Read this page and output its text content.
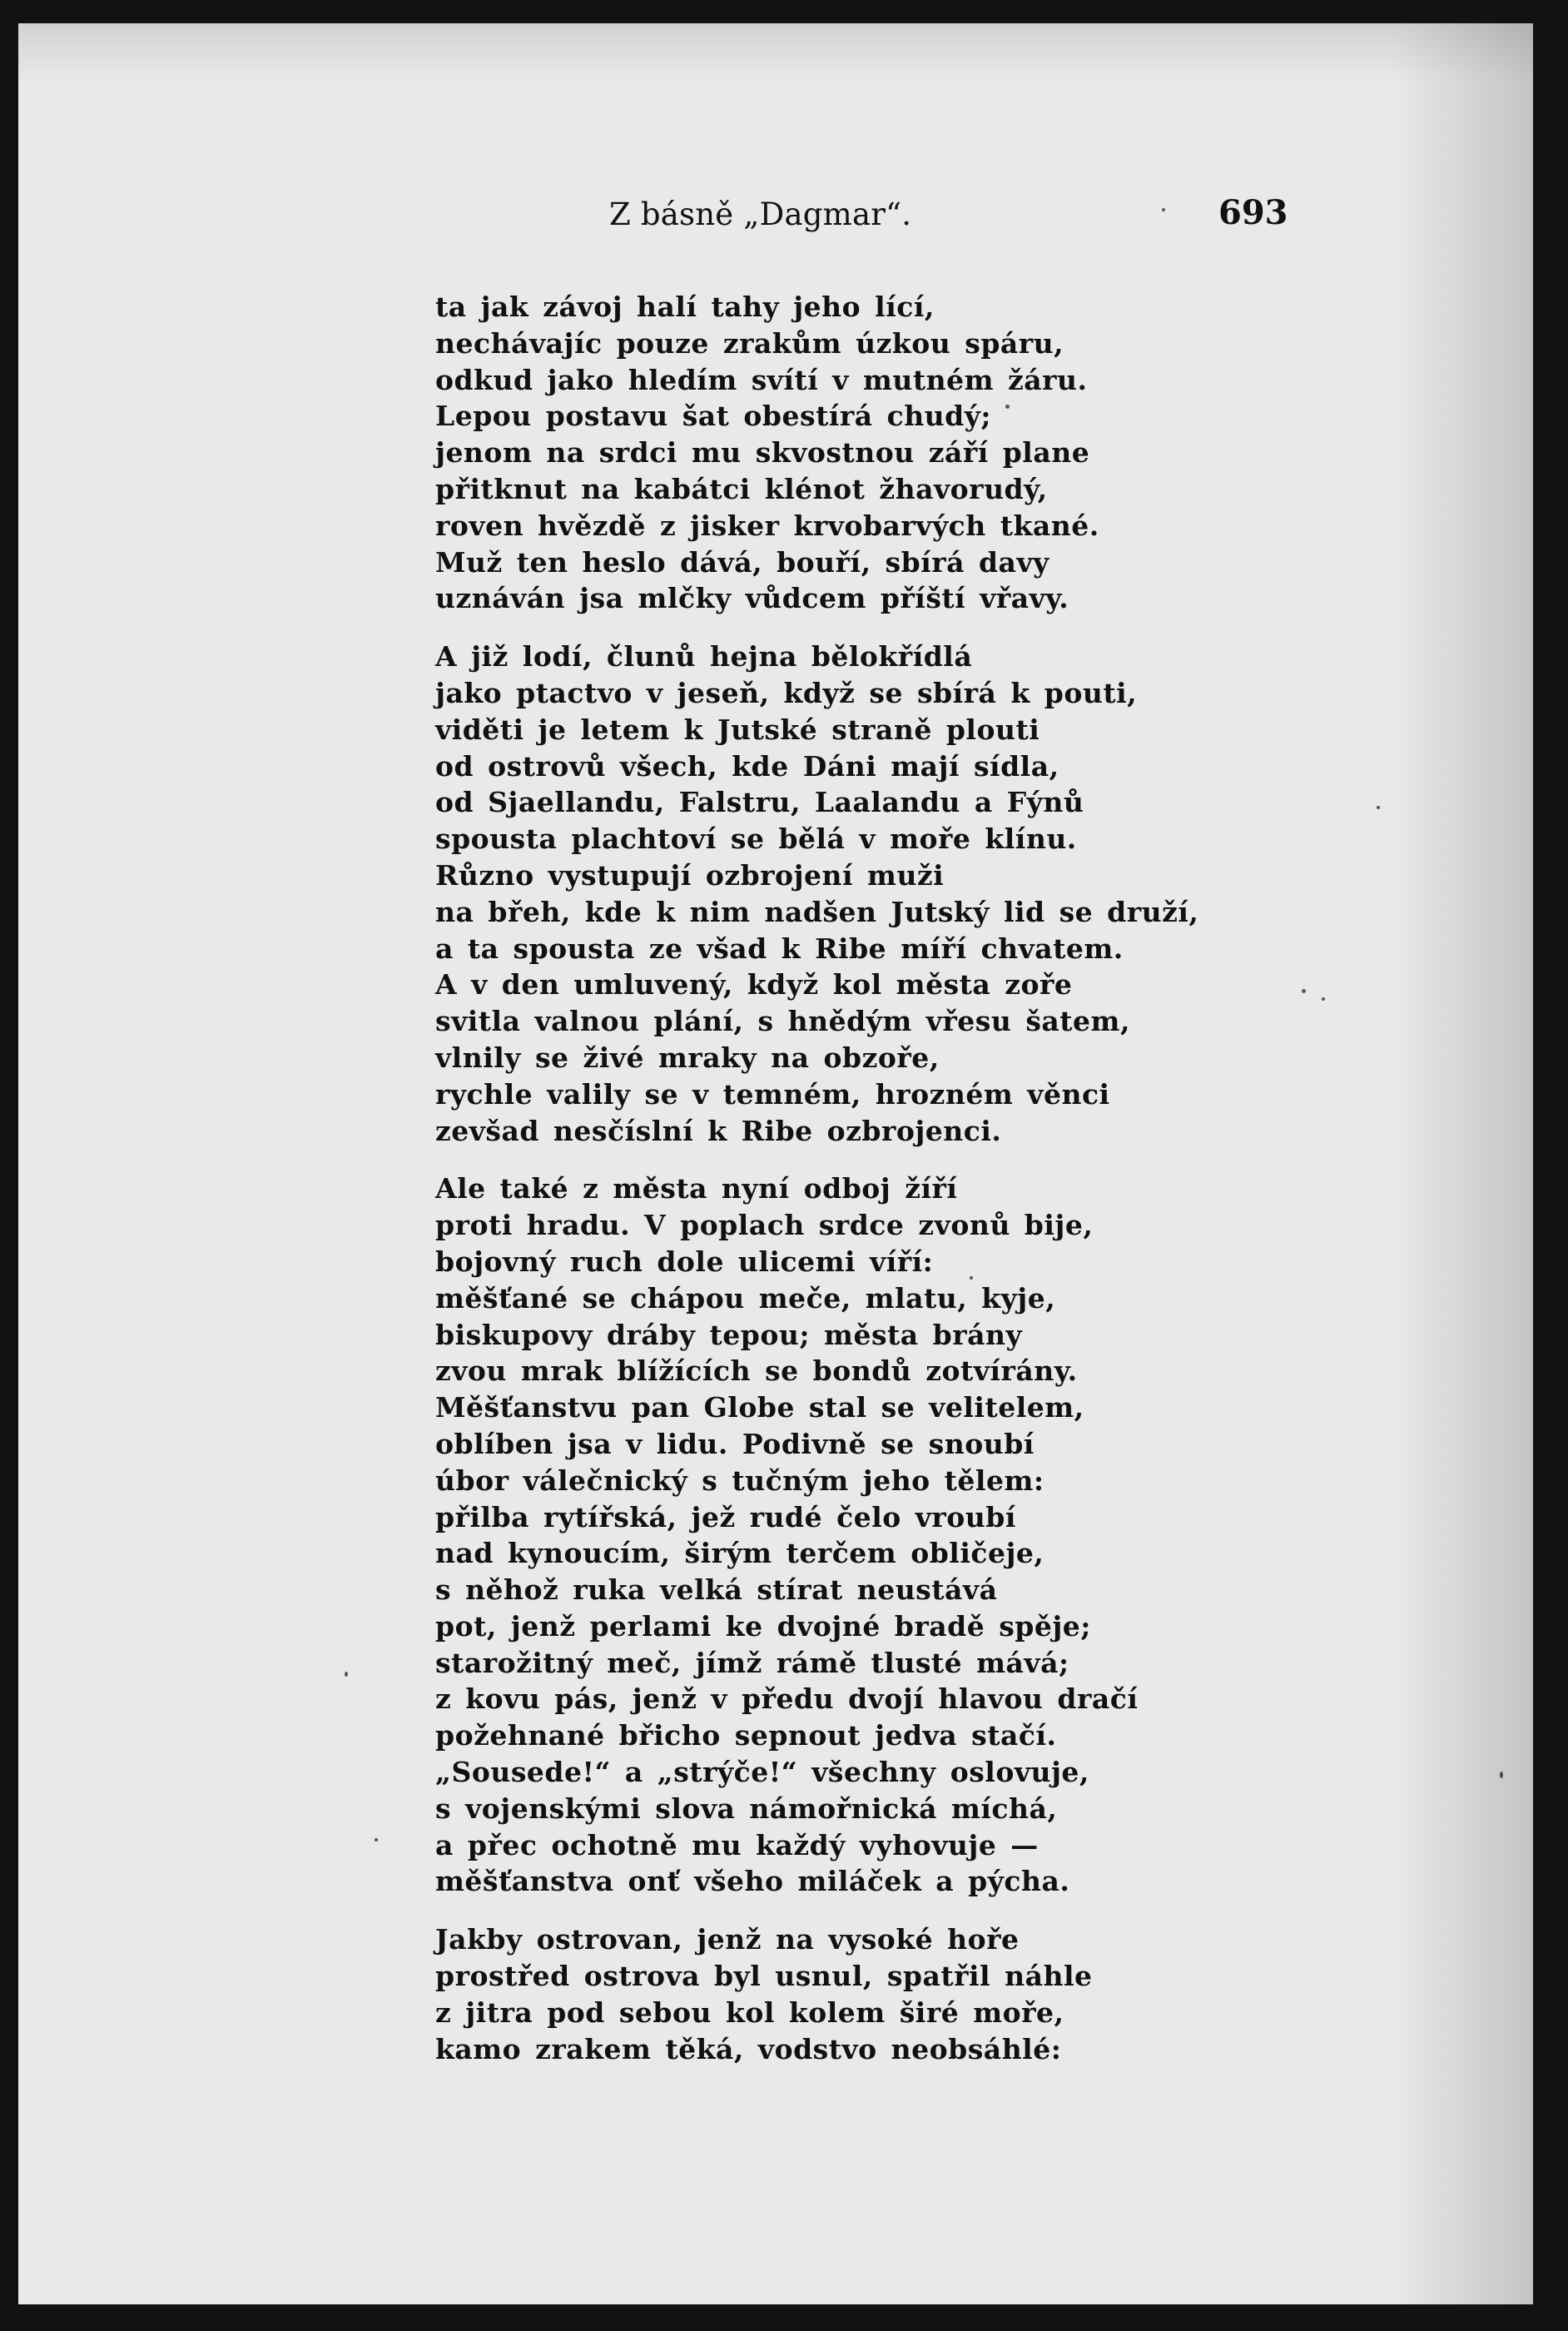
Z básně „Dagmar“.	693
ta jak závoj halí tahy jeho lící,
nechávajíc pouze zrakům úzkou spáru,
odkud jako hledím svítí v mutném žáru.
Lepou postavu šat obestírá chudý;
jenom na srdci mu skvostnou září plane
přitknut na kabátci klénot žhavorudý,
roven hvězdě z jisker krvobarvých tkané.
Muž ten heslo dává, bouří, sbírá davy
uznáván jsa mlčky vůdcem příští vřavy.
A již lodí, člunů hejna bělokřídlá
jako ptactvo v jeseň, když se sbírá k pouti,
viděti je letem k Jutské straně plouti
od ostrovů všech, kde Dáni mají sídla,
od Sjaellandu, Falstru, Laalandu a Fýnů
spousta plachtoví se bělá v moře klínu.
Různo vystupují ozbrojení muži
na břeh, kde k nim nadšen Jutský lid se druží,
a ta spousta ze všad k Ribe míří chvatem.
A v den umluvený, když kol města zoře
svitla valnou plání, s hnědým vřesu šatem,
vlnily se živé mraky na obzoře,
rychle valily se v temném, hrozném věnci
zevšad nesčíslní k Ribe ozbrojenci.
Ale také z města nyní odboj žíří
proti hradu. V poplach srdce zvonů bije,
bojovný ruch dole ulicemi víří:
měšťané se chápou meče, mlatu, kyje,
biskupovy dráby tepou; města brány
zvou mrak blížících se bondů zotvírány.
Měšťanstvu pan Globe stal se velitelem,
oblíben jsa v lidu. Podivně se snoubí
úbor válečnický s tučným jeho tělem:
přilba rytířská, jež rudé čelo vroubí
nad kynoucím, širým terčem obličeje,
s něhož ruka velká stírat neustává
pot, jenž perlami ke dvojné bradě spěje;
starožitný meč, jímž rámě tlusté mává;
z kovu pás, jenž v předu dvojí hlavou dračí
požehnané břicho sepnout jedva stačí.
„Sousede!“ a „strýče!“ všechny oslovuje,
s vojenskými slova námořnická míchá,
a přec ochotně mu každý vyhovuje —
měšťanstva onť všeho miláček a pýcha.
Jakby ostrovan, jenž na vysoké hoře
prostřed ostrova byl usnul, spatřil náhle
z jitra pod sebou kol kolem širé moře,
kamo zrakem těká, vodstvo neobsáhlé:
